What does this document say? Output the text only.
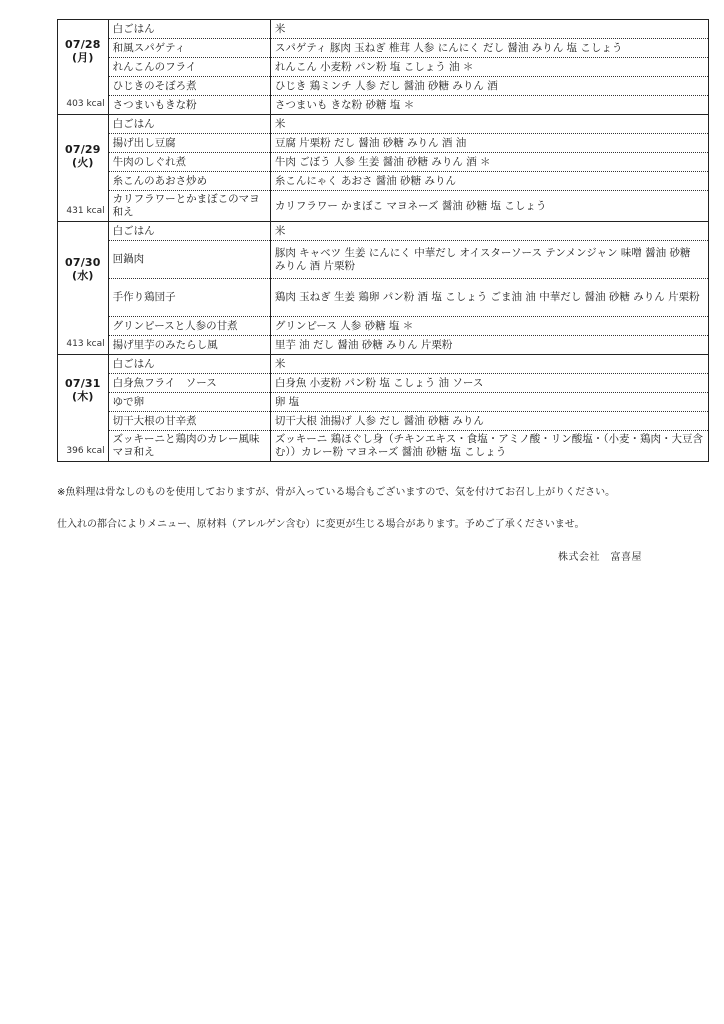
07/28 (月)
403 kcal	白ごはん	米
	和風スパゲティ	スパゲティ 豚肉 玉ねぎ 椎茸 人参 にんにく だし 醤油 みりん 塩 こしょう
	れんこんのフライ	れんこん 小麦粉 パン粉 塩 こしょう 油 ＊
	ひじきのそぼろ煮	ひじき 鶏ミンチ 人参 だし 醤油 砂糖 みりん 酒
	さつまいもきな粉	さつまいも きな粉 砂糖 塩 ＊

07/29 (火)
431 kcal	白ごはん	米
	揚げ出し豆腐	豆腐 片栗粉 だし 醤油 砂糖 みりん 酒 油
	牛肉のしぐれ煮	牛肉 ごぼう 人参 生姜 醤油 砂糖 みりん 酒 ＊
	糸こんのあおさ炒め	糸こんにゃく あおさ 醤油 砂糖 みりん
	カリフラワーとかまぼこのマヨ和え	カリフラワー かまぼこ マヨネーズ 醤油 砂糖 塩 こしょう

07/30 (水)
413 kcal	白ごはん	米
	回鍋肉	豚肉 キャベツ 生姜 にんにく 中華だし オイスターソース テンメンジャン 味噌 醤油 砂糖 みりん 酒 片栗粉
	手作り鶏団子	鶏肉 玉ねぎ 生姜 鶏卵 パン粉 酒 塩 こしょう ごま油 油 中華だし 醤油 砂糖 みりん 片栗粉
	グリンピースと人参の甘煮	グリンピース 人参 砂糖 塩 ＊
	揚げ里芋のみたらし風	里芋 油 だし 醤油 砂糖 みりん 片栗粉

07/31 (木)
396 kcal	白ごはん	米
	白身魚フライ　ソース	白身魚 小麦粉 パン粉 塩 こしょう 油 ソース
	ゆで卵	卵 塩
	切干大根の甘辛煮	切干大根 油揚げ 人参 だし 醤油 砂糖 みりん
	ズッキーニと鶏肉のカレー風味マヨ和え	ズッキーニ 鶏ほぐし身（チキンエキス・食塩・アミノ酸・リン酸塩・（小麦・鶏肉・大豆含む））カレー粉 マヨネーズ 醤油 砂糖 塩 こしょう
※魚料理は骨なしのものを使用しておりますが、骨が入っている場合もございますので、気を付けてお召し上がりください。
仕入れの都合によりメニュー、原材料（アレルゲン含む）に変更が生じる場合があります。予めご了承くださいませ。
株式会社　富喜屋
